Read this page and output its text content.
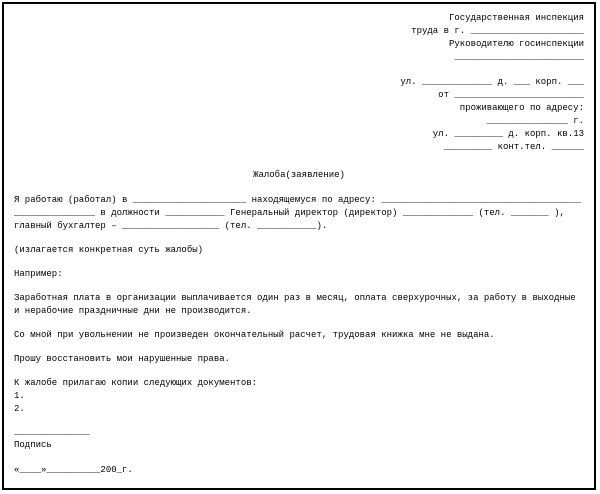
Государственная инспекция
труда в г. _____________________
Руководителю госинспекции
________________________
ул. _____________ д. ___ корп. ___
от ________________________
проживающего по адресу:
_______________ г.
ул. _________ д. корп. кв.13
_________ конт.тел. ______
Жалоба(заявление)
Я работаю (работал) в _____________________ находящемуся по адресу: _____________________________________
_______________ в должности ___________ Генеральный директор (директор) _____________ (тел. _______ ),
главный бухгалтер – __________________ (тел. ___________).
(излагается конкретная суть жалобы)
Например:
Заработная плата в организации выплачивается один раз в месяц, оплата сверхурочных, за работу в выходные и нерабочие праздничные дни не производится.
Со мной при увольнении не произведен окончательный расчет, трудовая книжка мне не выдана.
Прошу восстановить мои нарушенные права.
К жалобе прилагаю копии следующих документов:
1.
2.
______________
Подпись
«____»__________200_г.
